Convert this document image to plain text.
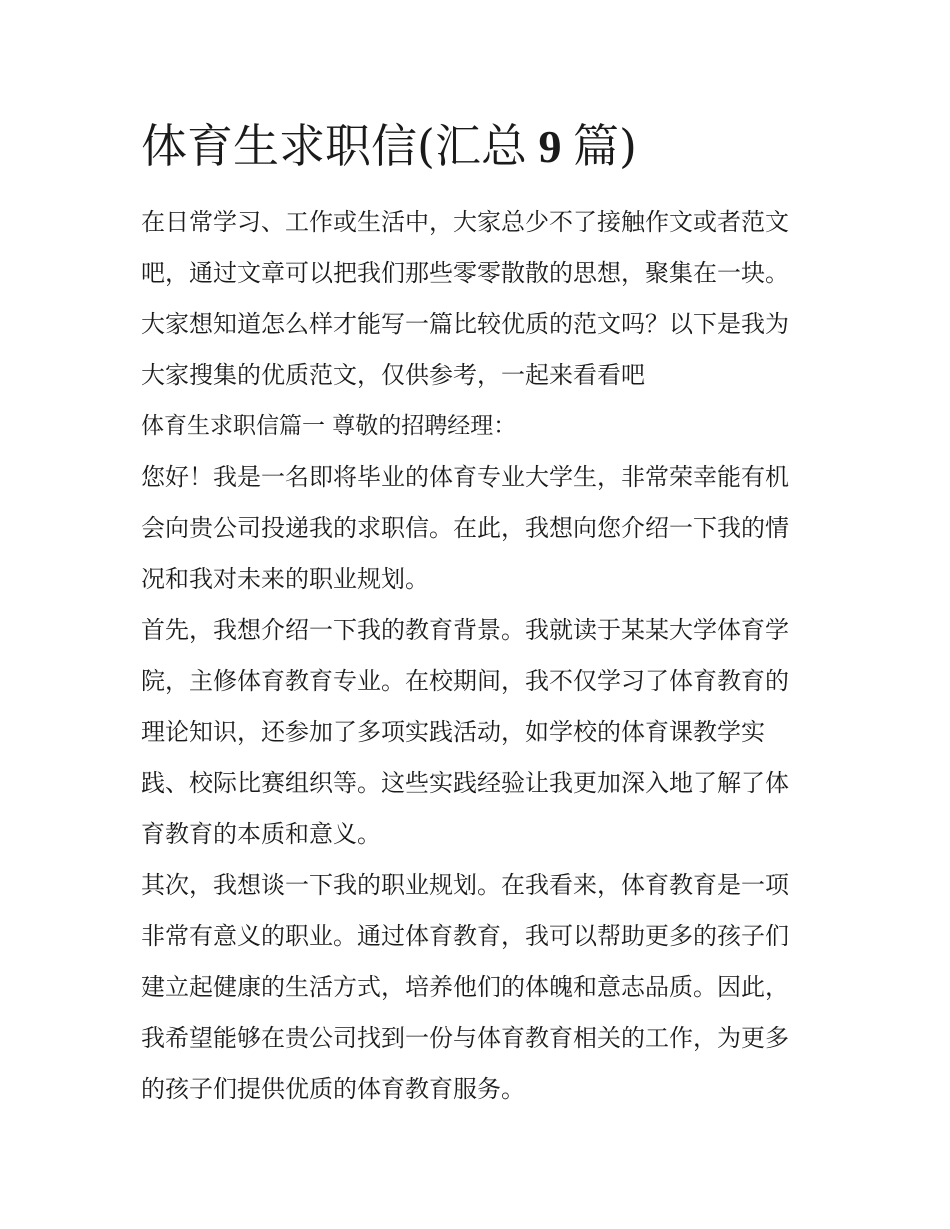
体育生求职信(汇总 9 篇)
在日常学习、工作或生活中，大家总少不了接触作文或者范文
吧，通过文章可以把我们那些零零散散的思想，聚集在一块。
大家想知道怎么样才能写一篇比较优质的范文吗？以下是我为
大家搜集的优质范文，仅供参考，一起来看看吧
体育生求职信篇一 尊敬的招聘经理：
您好！我是一名即将毕业的体育专业大学生，非常荣幸能有机
会向贵公司投递我的求职信。在此，我想向您介绍一下我的情
况和我对未来的职业规划。
首先，我想介绍一下我的教育背景。我就读于某某大学体育学
院，主修体育教育专业。在校期间，我不仅学习了体育教育的
理论知识，还参加了多项实践活动，如学校的体育课教学实
践、校际比赛组织等。这些实践经验让我更加深入地了解了体
育教育的本质和意义。
其次，我想谈一下我的职业规划。在我看来，体育教育是一项
非常有意义的职业。通过体育教育，我可以帮助更多的孩子们
建立起健康的生活方式，培养他们的体魄和意志品质。因此，
我希望能够在贵公司找到一份与体育教育相关的工作，为更多
的孩子们提供优质的体育教育服务。
